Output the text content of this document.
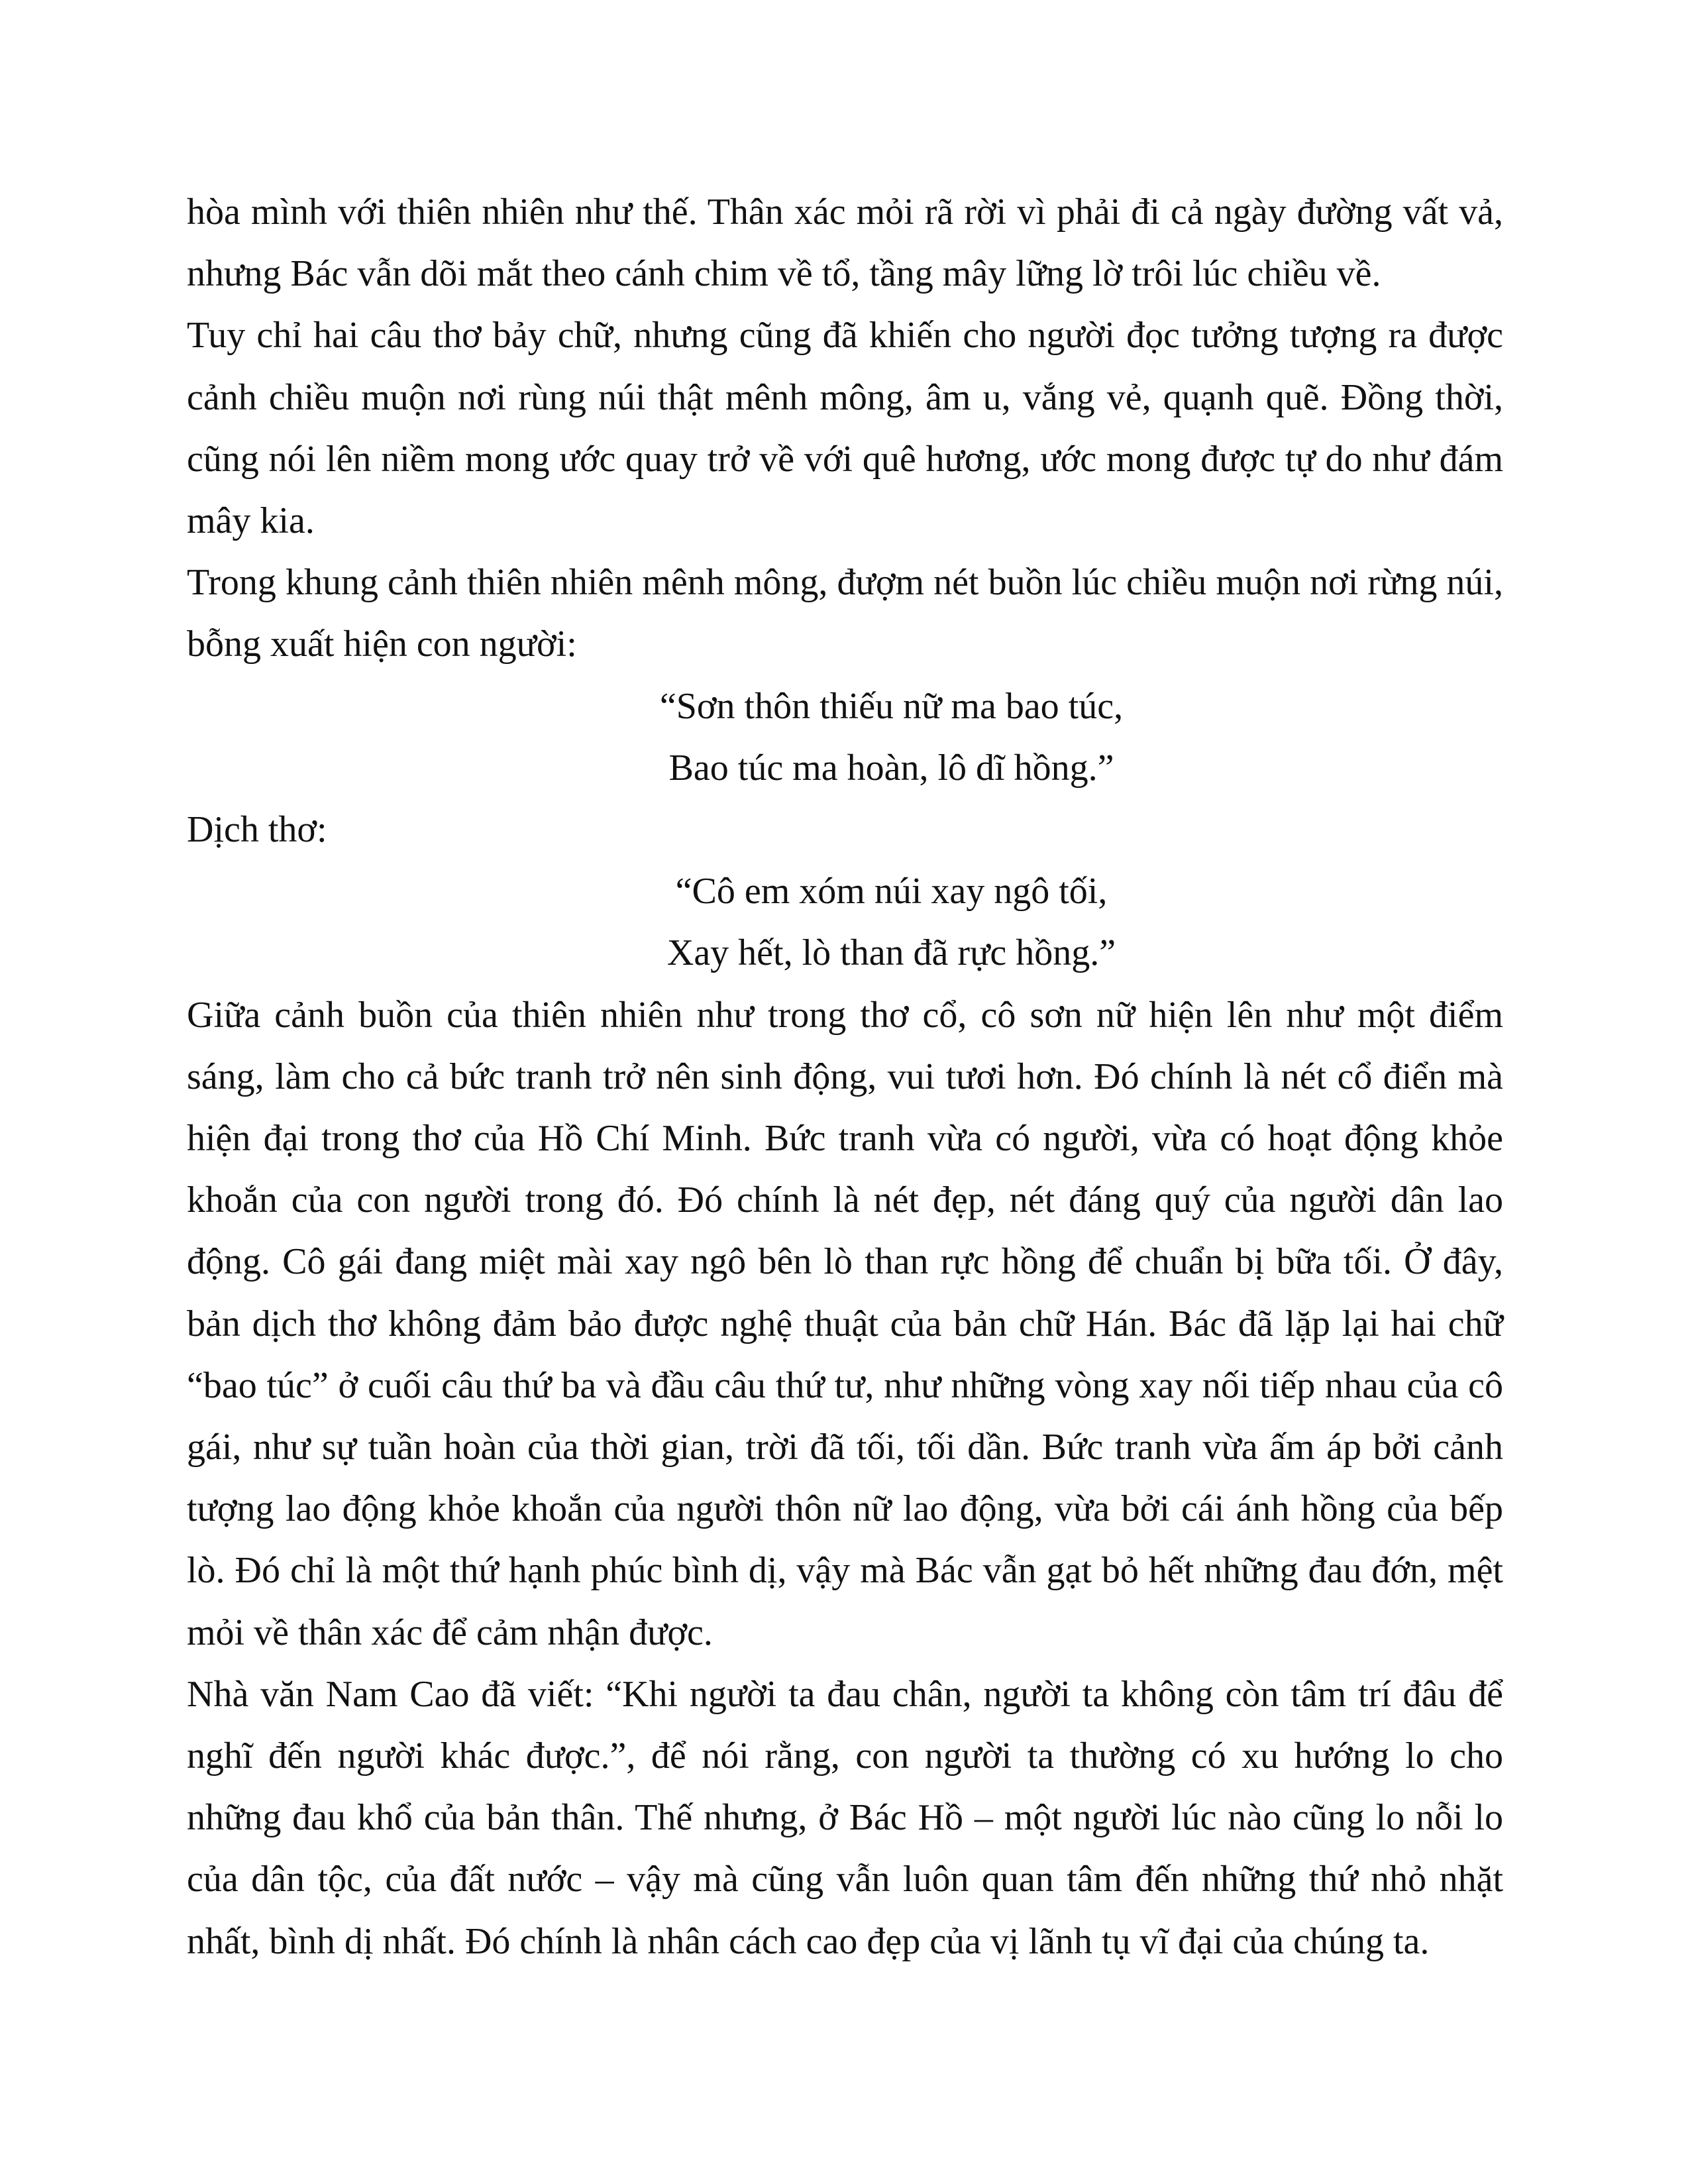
hòa mình với thiên nhiên như thế. Thân xác mỏi rã rời vì phải đi cả ngày đường vất vả, nhưng Bác vẫn dõi mắt theo cánh chim về tổ, tầng mây lững lờ trôi lúc chiều về.

Tuy chỉ hai câu thơ bảy chữ, nhưng cũng đã khiến cho người đọc tưởng tượng ra được cảnh chiều muộn nơi rùng núi thật mênh mông, âm u, vắng vẻ, quạnh quẽ. Đồng thời, cũng nói lên niềm mong ước quay trở về với quê hương, ước mong được tự do như đám mây kia.

Trong khung cảnh thiên nhiên mênh mông, đượm nét buồn lúc chiều muộn nơi rừng núi, bỗng xuất hiện con người:

“Sơn thôn thiếu nữ ma bao túc,
Bao túc ma hoàn, lô dĩ hồng.”

Dịch thơ:

“Cô em xóm núi xay ngô tối,
Xay hết, lò than đã rực hồng.”

Giữa cảnh buồn của thiên nhiên như trong thơ cổ, cô sơn nữ hiện lên như một điểm sáng, làm cho cả bức tranh trở nên sinh động, vui tươi hơn. Đó chính là nét cổ điển mà hiện đại trong thơ của Hồ Chí Minh. Bức tranh vừa có người, vừa có hoạt động khỏe khoắn của con người trong đó. Đó chính là nét đẹp, nét đáng quý của người dân lao động. Cô gái đang miệt mài xay ngô bên lò than rực hồng để chuẩn bị bữa tối. Ở đây, bản dịch thơ không đảm bảo được nghệ thuật của bản chữ Hán. Bác đã lặp lại hai chữ “bao túc” ở cuối câu thứ ba và đầu câu thứ tư, như những vòng xay nối tiếp nhau của cô gái, như sự tuần hoàn của thời gian, trời đã tối, tối dần. Bức tranh vừa ấm áp bởi cảnh tượng lao động khỏe khoắn của người thôn nữ lao động, vừa bởi cái ánh hồng của bếp lò. Đó chỉ là một thứ hạnh phúc bình dị, vậy mà Bác vẫn gạt bỏ hết những đau đớn, mệt mỏi về thân xác để cảm nhận được.

Nhà văn Nam Cao đã viết: “Khi người ta đau chân, người ta không còn tâm trí đâu để nghĩ đến người khác được.”, để nói rằng, con người ta thường có xu hướng lo cho những đau khổ của bản thân. Thế nhưng, ở Bác Hồ – một người lúc nào cũng lo nỗi lo của dân tộc, của đất nước – vậy mà cũng vẫn luôn quan tâm đến những thứ nhỏ nhặt nhất, bình dị nhất. Đó chính là nhân cách cao đẹp của vị lãnh tụ vĩ đại của chúng ta.
